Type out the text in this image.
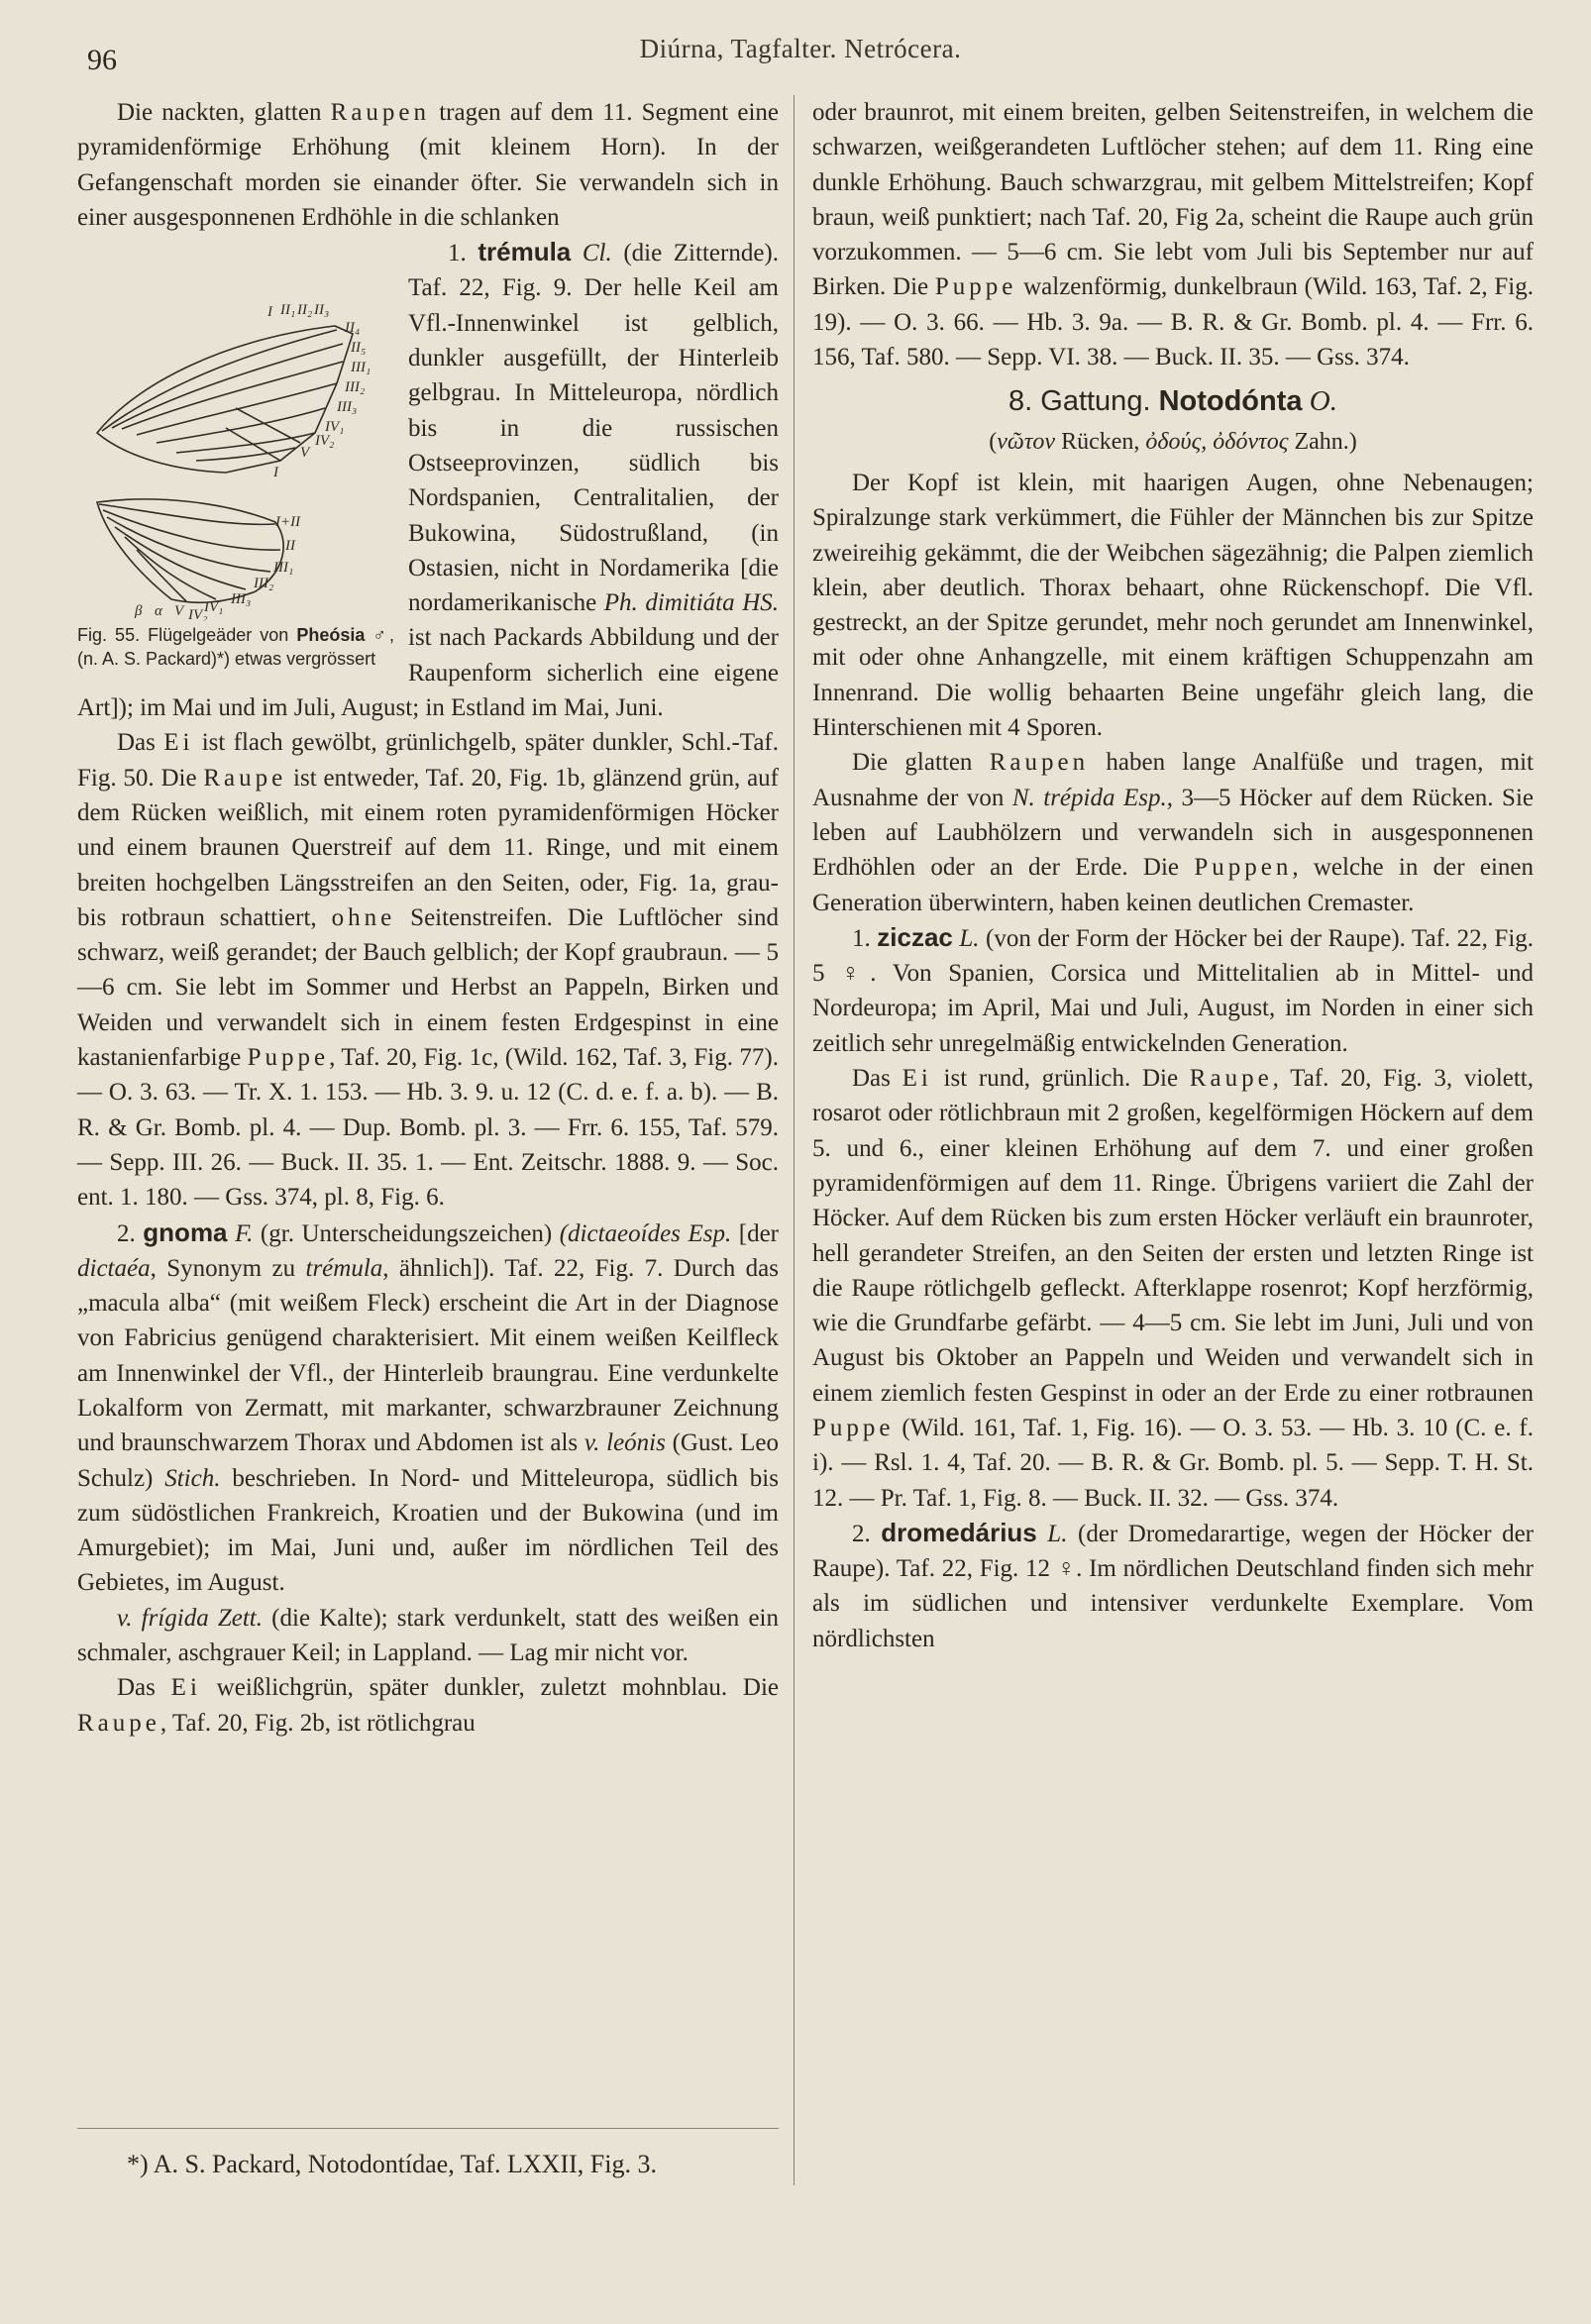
96	Diúrna, Tagfalter. Netrócera.

Die nackten, glatten Raupen tragen auf dem 11. Segment eine pyramidenförmige Erhöhung (mit kleinem Horn). In der Gefangenschaft morden sie einander öfter. Sie verwandeln sich in einer ausgesponnenen Erdhöhle in die schlanken

I II₁ II₂ II₃
II₄
II₅
III₁
III₂
III₃
IV₁
IV₂
V
I
I+II
II
III₁
III₂
III₃
IV₁
IV₂
V
α
β
Fig. 55. Flügelgeäder von Pheósia ♂, (n. A. S. Packard)*) etwas vergrössert

1. trémula Cl. (die Zitternde). Taf. 22, Fig. 9. Der helle Keil am Vfl.-Innenwinkel ist gelblich, dunkler ausgefüllt, der Hinterleib gelbgrau. In Mitteleuropa, nördlich bis in die russischen Ostseeprovinzen, südlich bis Nordspanien, Centralitalien, der Bukowina, Südostrußland, (in Ostasien, nicht in Nordamerika [die nordamerikanische Ph. dimitiáta HS. ist nach Packards Abbildung und der Raupenform sicherlich eine eigene Art]); im Mai und im Juli, August; in Estland im Mai, Juni.

Das Ei ist flach gewölbt, grünlichgelb, später dunkler, Schl.-Taf. Fig. 50. Die Raupe ist entweder, Taf. 20, Fig. 1b, glänzend grün, auf dem Rücken weißlich, mit einem roten pyramidenförmigen Höcker und einem braunen Querstreif auf dem 11. Ringe, und mit einem breiten hochgelben Längsstreifen an den Seiten, oder, Fig. 1a, grau- bis rotbraun schattiert, ohne Seitenstreifen. Die Luftlöcher sind schwarz, weiß gerandet; der Bauch gelblich; der Kopf graubraun. — 5—6 cm. Sie lebt im Sommer und Herbst an Pappeln, Birken und Weiden und verwandelt sich in einem festen Erdgespinst in eine kastanienfarbige Puppe, Taf. 20, Fig. 1c, (Wild. 162, Taf. 3, Fig. 77). — O. 3. 63. — Tr. X. 1. 153. — Hb. 3. 9. u. 12 (C. d. e. f. a. b). — B. R. & Gr. Bomb. pl. 4. — Dup. Bomb. pl. 3. — Frr. 6. 155, Taf. 579. — Sepp. III. 26. — Buck. II. 35. 1. — Ent. Zeitschr. 1888. 9. — Soc. ent. 1. 180. — Gss. 374, pl. 8, Fig. 6.

2. gnoma F. (gr. Unterscheidungszeichen) (dictaeoídes Esp. [der dictaéa, Synonym zu trémula, ähnlich]). Taf. 22, Fig. 7. Durch das „macula alba“ (mit weißem Fleck) erscheint die Art in der Diagnose von Fabricius genügend charakterisiert. Mit einem weißen Keilfleck am Innenwinkel der Vfl., der Hinterleib braungrau. Eine verdunkelte Lokalform von Zermatt, mit markanter, schwarzbrauner Zeichnung und braunschwarzem Thorax und Abdomen ist als v. leónis (Gust. Leo Schulz) Stich. beschrieben. In Nord- und Mitteleuropa, südlich bis zum südöstlichen Frankreich, Kroatien und der Bukowina (und im Amurgebiet); im Mai, Juni und, außer im nördlichen Teil des Gebietes, im August.

v. frígida Zett. (die Kalte); stark verdunkelt, statt des weißen ein schmaler, aschgrauer Keil; in Lappland. — Lag mir nicht vor.

Das Ei weißlichgrün, später dunkler, zuletzt mohnblau. Die Raupe, Taf. 20, Fig. 2b, ist rötlichgrau

*) A. S. Packard, Notodontídae, Taf. LXXII, Fig. 3.

oder braunrot, mit einem breiten, gelben Seitenstreifen, in welchem die schwarzen, weißgerandeten Luftlöcher stehen; auf dem 11. Ring eine dunkle Erhöhung. Bauch schwarzgrau, mit gelbem Mittelstreifen; Kopf braun, weiß punktiert; nach Taf. 20, Fig 2a, scheint die Raupe auch grün vorzukommen. — 5—6 cm. Sie lebt vom Juli bis September nur auf Birken. Die Puppe walzenförmig, dunkelbraun (Wild. 163, Taf. 2, Fig. 19). — O. 3. 66. — Hb. 3. 9a. — B. R. & Gr. Bomb. pl. 4. — Frr. 6. 156, Taf. 580. — Sepp. VI. 38. — Buck. II. 35. — Gss. 374.

8. Gattung. Notodónta O.
(νῶτον Rücken, ὀδούς, ὀδόντος Zahn.)

Der Kopf ist klein, mit haarigen Augen, ohne Nebenaugen; Spiralzunge stark verkümmert, die Fühler der Männchen bis zur Spitze zweireihig gekämmt, die der Weibchen sägezähnig; die Palpen ziemlich klein, aber deutlich. Thorax behaart, ohne Rückenschopf. Die Vfl. gestreckt, an der Spitze gerundet, mehr noch gerundet am Innenwinkel, mit oder ohne Anhangzelle, mit einem kräftigen Schuppenzahn am Innenrand. Die wollig behaarten Beine ungefähr gleich lang, die Hinterschienen mit 4 Sporen.

Die glatten Raupen haben lange Analfüße und tragen, mit Ausnahme der von N. trépida Esp., 3—5 Höcker auf dem Rücken. Sie leben auf Laubhölzern und verwandeln sich in ausgesponnenen Erdhöhlen oder an der Erde. Die Puppen, welche in der einen Generation überwintern, haben keinen deutlichen Cremaster.

1. ziczac L. (von der Form der Höcker bei der Raupe). Taf. 22, Fig. 5 ♀. Von Spanien, Corsica und Mittelitalien ab in Mittel- und Nordeuropa; im April, Mai und Juli, August, im Norden in einer sich zeitlich sehr unregelmäßig entwickelnden Generation.

Das Ei ist rund, grünlich. Die Raupe, Taf. 20, Fig. 3, violett, rosarot oder rötlichbraun mit 2 großen, kegelförmigen Höckern auf dem 5. und 6., einer kleinen Erhöhung auf dem 7. und einer großen pyramidenförmigen auf dem 11. Ringe. Übrigens variiert die Zahl der Höcker. Auf dem Rücken bis zum ersten Höcker verläuft ein braunroter, hell gerandeter Streifen, an den Seiten der ersten und letzten Ringe ist die Raupe rötlichgelb gefleckt. Afterklappe rosenrot; Kopf herzförmig, wie die Grundfarbe gefärbt. — 4—5 cm. Sie lebt im Juni, Juli und von August bis Oktober an Pappeln und Weiden und verwandelt sich in einem ziemlich festen Gespinst in oder an der Erde zu einer rotbraunen Puppe (Wild. 161, Taf. 1, Fig. 16). — O. 3. 53. — Hb. 3. 10 (C. e. f. i). — Rsl. 1. 4, Taf. 20. — B. R. & Gr. Bomb. pl. 5. — Sepp. T. H. St. 12. — Pr. Taf. 1, Fig. 8. — Buck. II. 32. — Gss. 374.

2. dromedárius L. (der Dromedarartige, wegen der Höcker der Raupe). Taf. 22, Fig. 12 ♀. Im nördlichen Deutschland finden sich mehr als im südlichen und intensiver verdunkelte Exemplare. Vom nördlichsten
